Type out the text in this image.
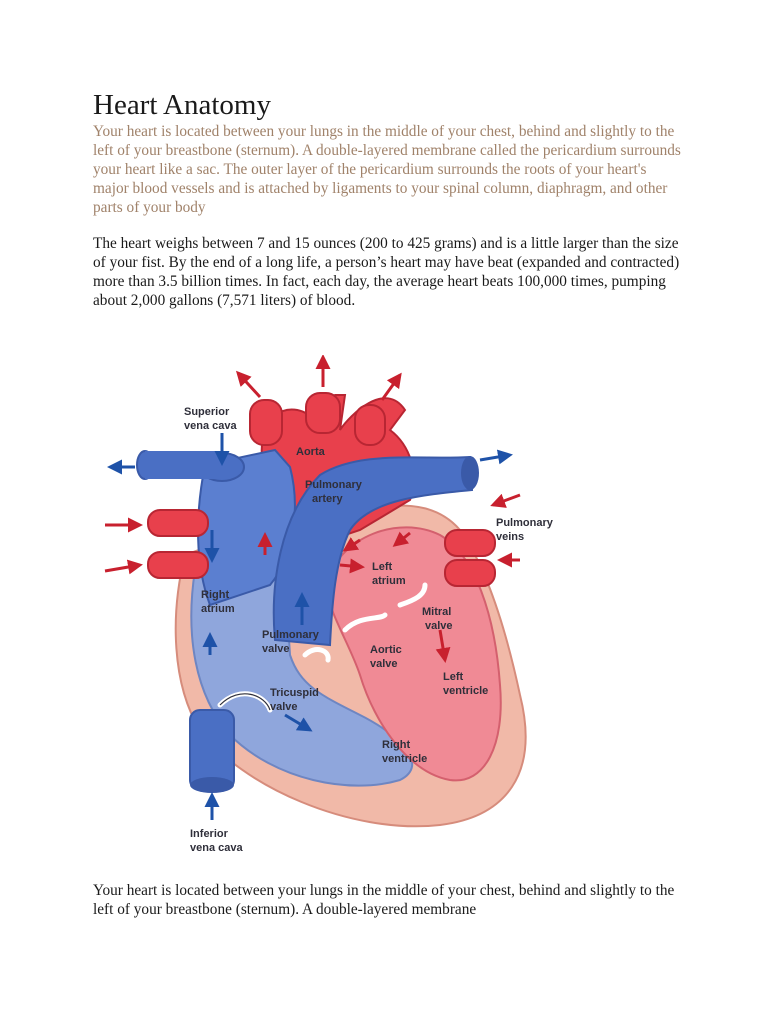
Heart Anatomy

Your heart is located between your lungs in the middle of your chest, behind and slightly to the left of your breastbone (sternum). A double-layered membrane called the pericardium surrounds your heart like a sac. The outer layer of the pericardium surrounds the roots of your heart's major blood vessels and is attached by ligaments to your spinal column, diaphragm, and other parts of your body

The heart weighs between 7 and 15 ounces (200 to 425 grams) and is a little larger than the size of your fist. By the end of a long life, a person’s heart may have beat (expanded and contracted) more than 3.5 billion times. In fact, each day, the average heart beats 100,000 times, pumping about 2,000 gallons (7,571 liters) of blood.

Superior
vena cava
Aorta
Pulmonary
artery
Pulmonary
veins
Left
atrium
Right
atrium	Mitral
valve
Pulmonary
valve	Aortic
valve
Left
ventricle
Tricuspid
valve
Right
ventricle
Inferior
vena cava

Your heart is located between your lungs in the middle of your chest, behind and slightly to the left of your breastbone (sternum). A double-layered membrane
